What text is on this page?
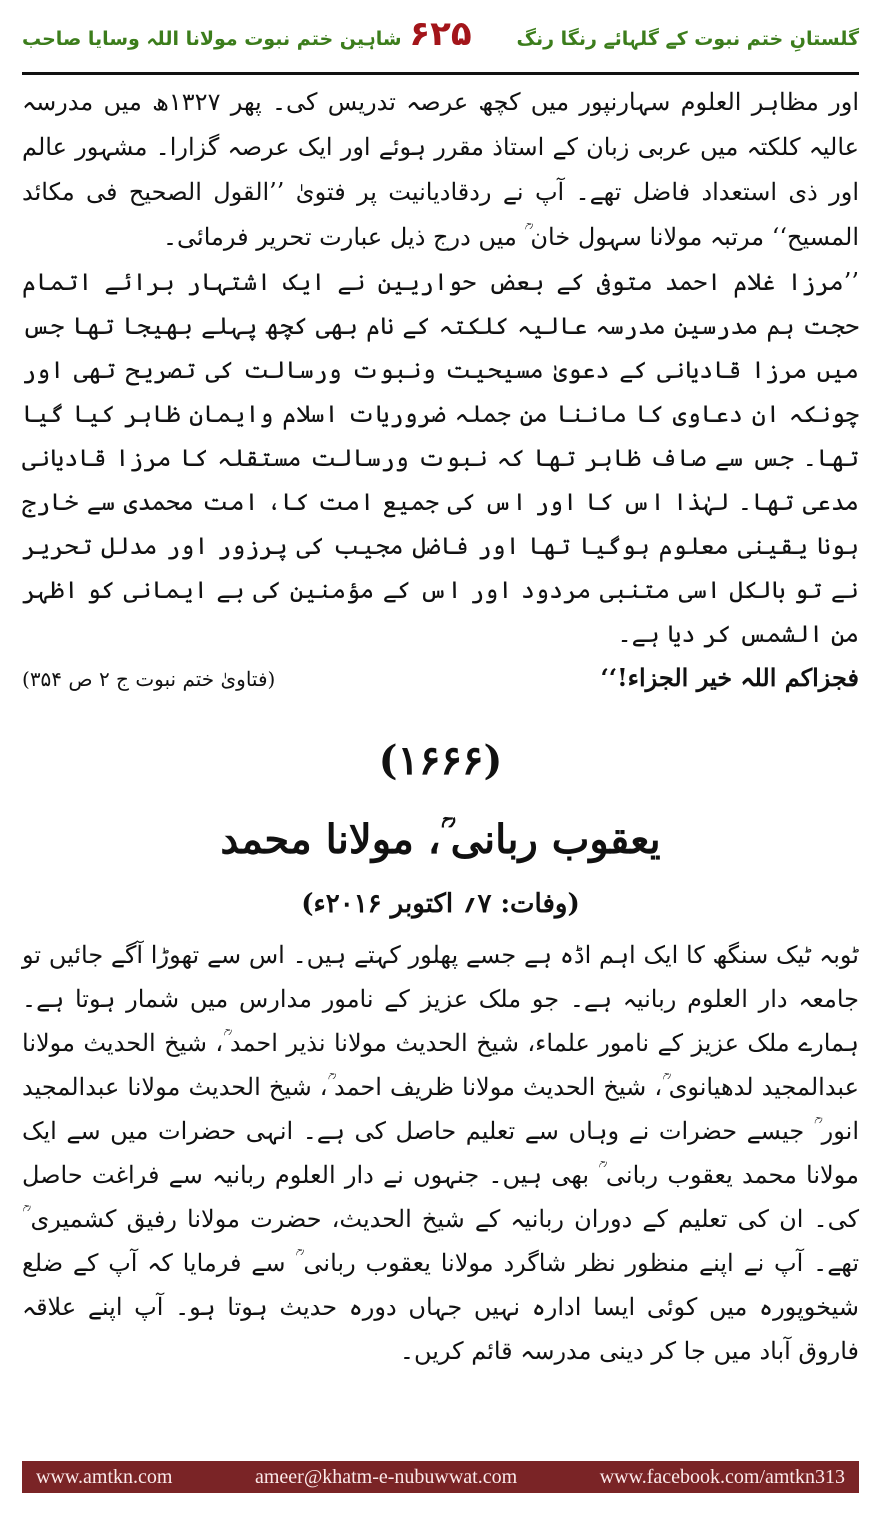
گلستانِ ختم نبوت کے گلہائے رنگا رنگ
۶۲۵
شاہین ختم نبوت مولانا اللہ وسایا صاحب

اور مظاہر العلوم سہارنپور میں کچھ عرصہ تدریس کی۔ پھر ۱۳۲۷ھ میں مدرسہ عالیہ کلکتہ میں عربی زبان کے استاذ مقرر ہوئے اور ایک عرصہ گزارا۔ مشہور عالم اور ذی استعداد فاضل تھے۔ آپ نے ردقادیانیت پر فتویٰ ’’القول الصحیح فی مکائد المسیح‘‘ مرتبہ مولانا سہول خان ؒ میں درج ذیل عبارت تحریر فرمائی۔

’’مرزا غلام احمد متوفی کے بعض حواریین نے ایک اشتہار برائے اتمام حجت ہم مدرسین مدرسہ عالیہ کلکتہ کے نام بھی کچھ پہلے بھیجا تھا جس میں مرزا قادیانی کے دعویٰ مسیحیت ونبوت ورسالت کی تصریح تھی اور چونکہ ان دعاوی کا ماننا من جملہ ضروریات اسلام وایمان ظاہر کیا گیا تھا۔ جس سے صاف ظاہر تھا کہ نبوت ورسالت مستقلہ کا مرزا قادیانی مدعی تھا۔ لہٰذا اس کا اور اس کی جمیع امت کا، امت محمدی سے خارج ہونا یقینی معلوم ہوگیا تھا اور فاضل مجیب کی پرزور اور مدلل تحریر نے تو بالکل اسی متنبی مردود اور اس کے مؤمنین کی بے ایمانی کو اظہر من الشمس کر دیا ہے۔

فجزاکم اللہ خیر الجزاء!‘‘
(فتاویٰ ختم نبوت ج ۲ ص ۳۵۴)
(۱۶۶۶)
یعقوب ربانی ؒ، مولانا محمد
(وفات: ۷؍ اکتوبر ۲۰۱۶ء)

ٹوبہ ٹیک سنگھ کا ایک اہم اڈہ ہے جسے پھلور کہتے ہیں۔ اس سے تھوڑا آگے جائیں تو جامعہ دار العلوم ربانیہ ہے۔ جو ملک عزیز کے نامور مدارس میں شمار ہوتا ہے۔ ہمارے ملک عزیز کے نامور علماء، شیخ الحدیث مولانا نذیر احمد ؒ، شیخ الحدیث مولانا عبدالمجید لدھیانوی ؒ، شیخ الحدیث مولانا ظریف احمد ؒ، شیخ الحدیث مولانا عبدالمجید انور ؒ جیسے حضرات نے وہاں سے تعلیم حاصل کی ہے۔ انہی حضرات میں سے ایک مولانا محمد یعقوب ربانی ؒ بھی ہیں۔ جنہوں نے دار العلوم ربانیہ سے فراغت حاصل کی۔ ان کی تعلیم کے دوران ربانیہ کے شیخ الحدیث، حضرت مولانا رفیق کشمیری ؒ تھے۔ آپ نے اپنے منظور نظر شاگرد مولانا یعقوب ربانی ؒ سے فرمایا کہ آپ کے ضلع شیخوپورہ میں کوئی ایسا ادارہ نہیں جہاں دورہ حدیث ہوتا ہو۔ آپ اپنے علاقہ فاروق آباد میں جا کر دینی مدرسہ قائم کریں۔

www.amtkn.com	ameer@khatm-e-nubuwwat.com	www.facebook.com/amtkn313
